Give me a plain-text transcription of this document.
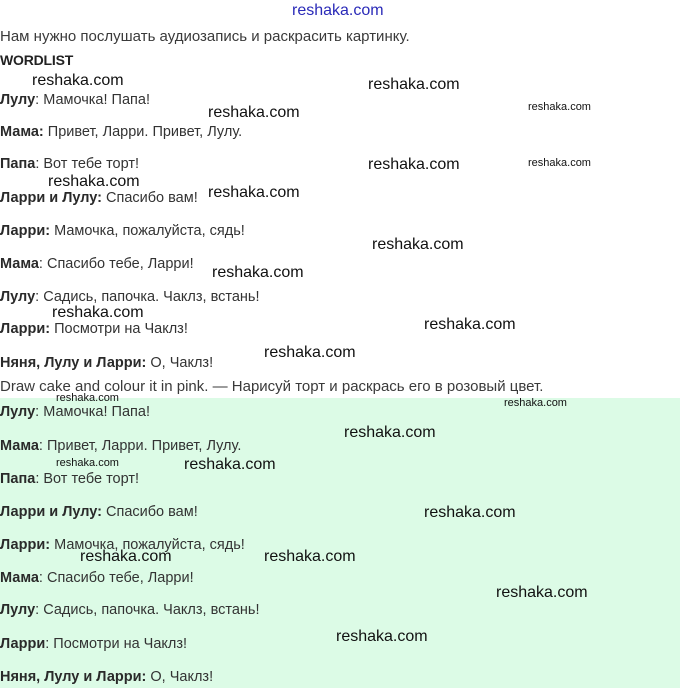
reshaka.com
Нам нужно послушать аудиозапись и раскрасить картинку.
WORDLIST
Лулу: Мамочка! Папа!
Мама: Привет, Ларри. Привет, Лулу.
Папа: Вот тебе торт!
Ларри и Лулу: Спасибо вам!
Ларри: Мамочка, пожалуйста, сядь!
Мама: Спасибо тебе, Ларри!
Лулу: Садись, папочка. Чаклз, встань!
Ларри: Посмотри на Чаклз!
Няня, Лулу и Ларри: О, Чаклз!
Draw cake and colour it in pink. — Нарисуй торт и раскрась его в розовый цвет.
Лулу: Мамочка! Папа!
Мама: Привет, Ларри. Привет, Лулу.
Папа: Вот тебе торт!
Ларри и Лулу: Спасибо вам!
Ларри: Мамочка, пожалуйста, сядь!
Мама: Спасибо тебе, Ларри!
Лулу: Садись, папочка. Чаклз, встань!
Ларри: Посмотри на Чаклз!
Няня, Лулу и Ларри: О, Чаклз!
reshaka.com	reshaka.com
reshaka.com
reshaka.com
reshaka.com	reshaka.com
reshaka.com
reshaka.com
reshaka.com
reshaka.com
reshaka.com
reshaka.com
reshaka.com
reshaka.com	reshaka.com
reshaka.com
reshaka.com	reshaka.com
reshaka.com
reshaka.com	reshaka.com
reshaka.com
reshaka.com
